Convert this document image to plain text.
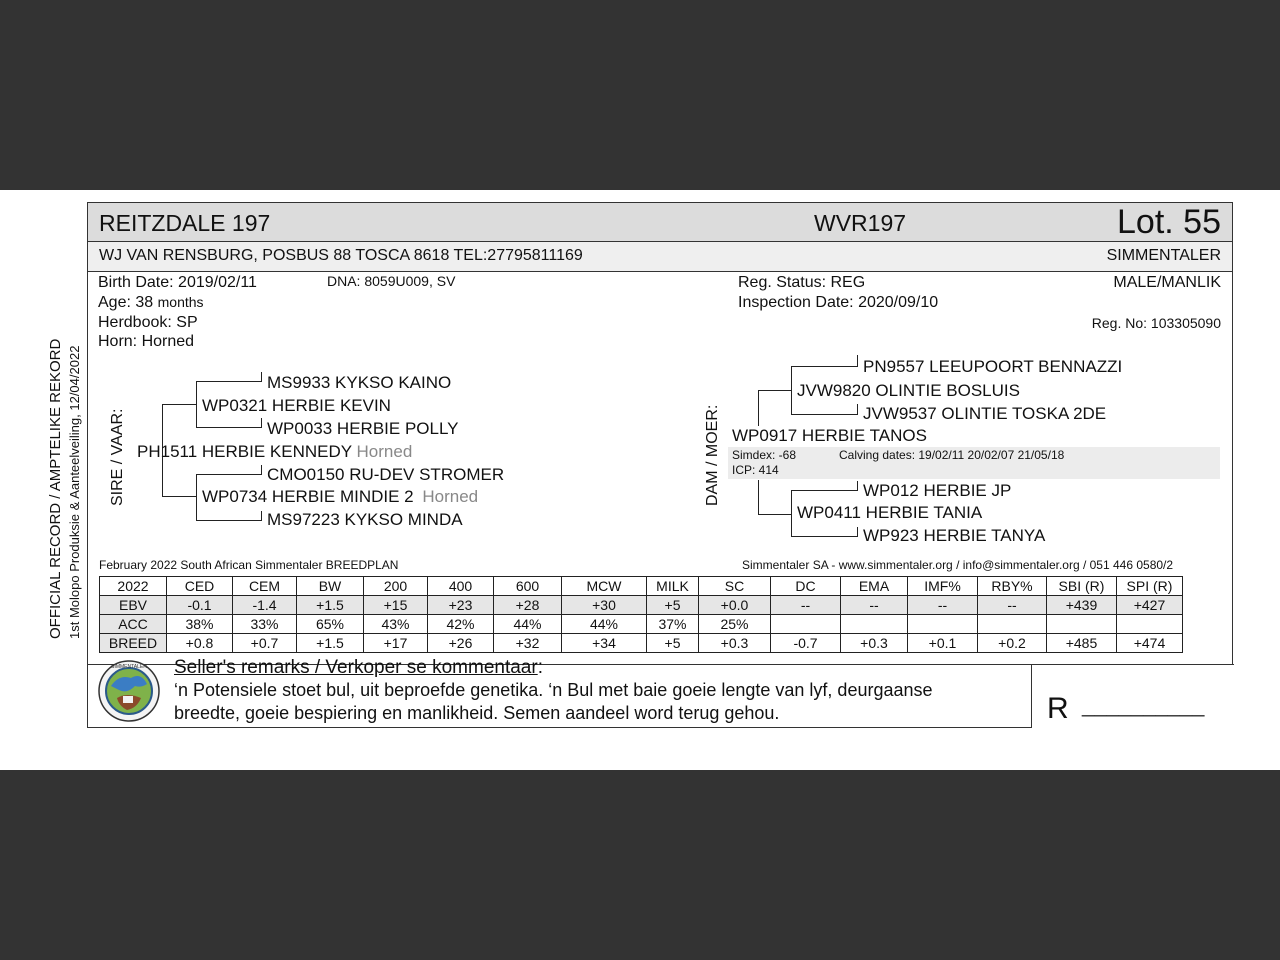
OFFICIAL RECORD / AMPTELIKE REKORD 1st Molopo Produksie & Aanteelveiling, 12/04/2022
REITZDALE 197	WVR197	Lot. 55
WJ VAN RENSBURG, POSBUS 88 TOSCA 8618 TEL:27795811169	SIMMENTALER
Birth Date: 2019/02/11	DNA: 8059U009, SV
Age: 38 months
Herdbook: SP
Horn: Horned
Reg. Status: REG
Inspection Date: 2020/09/10
MALE/MANLIK
Reg. No: 103305090
SIRE / VAAR:
MS9933 KYKSO KAINO
WP0321 HERBIE KEVIN
WP0033 HERBIE POLLY
PH1511 HERBIE KENNEDY Horned
CMO0150 RU-DEV STROMER
WP0734 HERBIE MINDIE 2 Horned
MS97223 KYKSO MINDA
DAM / MOER: Simdex: -68	Calving dates: 19/02/11 20/02/07 21/05/18
ICP: 414
PN9557 LEEUPOORT BENNAZZI
JVW9820 OLINTIE BOSLUIS
JVW9537 OLINTIE TOSKA 2DE
WP0917 HERBIE TANOS
WP012 HERBIE JP
WP0411 HERBIE TANIA
WP923 HERBIE TANYA
February 2022 South African Simmentaler BREEDPLAN	Simmentaler SA - www.simmentaler.org / info@simmentaler.org / 051 446 0580/2
2022	CED	CEM	BW	200	400	600	MCW	MILK	SC	DC	EMA	IMF%	RBY%	SBI (R)	SPI (R)
EBV	-0.1	-1.4	+1.5	+15	+23	+28	+30	+5	+0.0	--	--	--	--	+439	+427
ACC	38%	33%	65%	43%	42%	44%	44%	37%	25%						
BREED	+0.8	+0.7	+1.5	+17	+26	+32	+34	+5	+0.3	-0.7	+0.3	+0.1	+0.2	+485	+474
SIMMENTALER Seller's remarks / Verkoper se kommentaar:
‘n Potensiele stoet bul, uit beproefde genetika. ‘n Bul met baie goeie lengte van lyf, deurgaanse
breedte, goeie bespiering en manlikheid. Semen aandeel word terug gehou.	R __________
